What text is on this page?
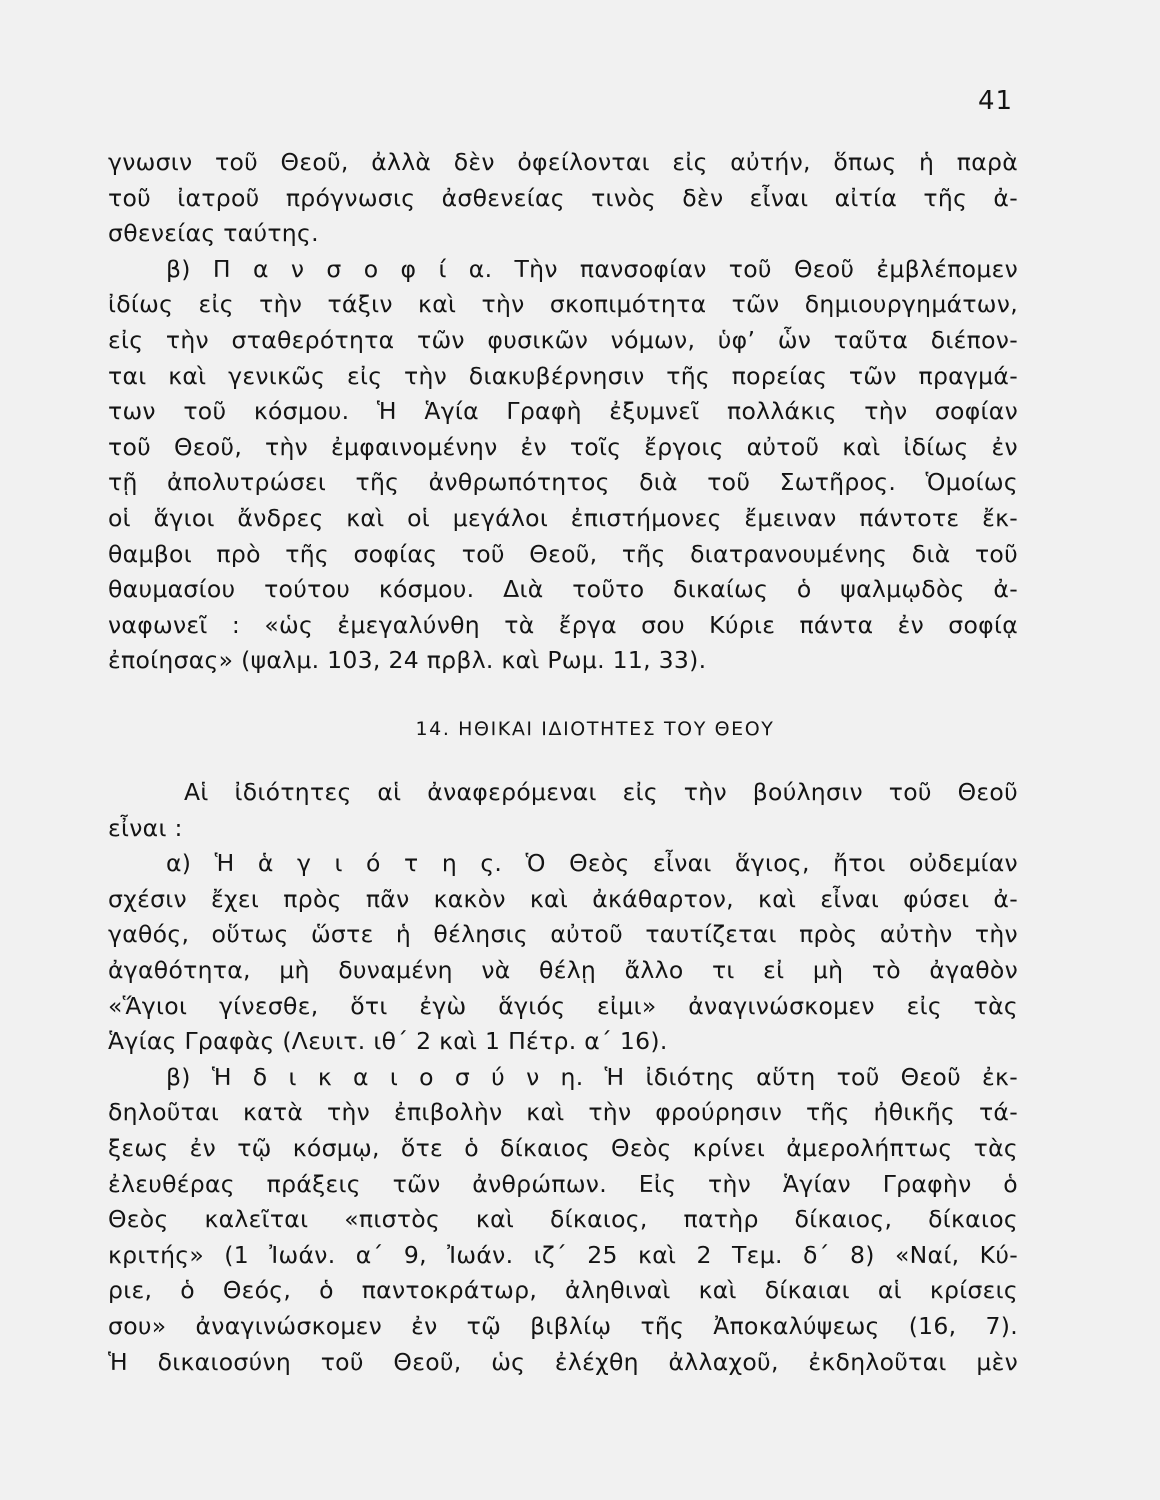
41
γνωσιν τοῦ Θεοῦ, ἀλλὰ δὲν ὀφείλονται εἰς αὐτήν, ὅπως ἡ παρὰ
τοῦ ἰατροῦ πρόγνωσις ἀσθενείας τινὸς δὲν εἶναι αἰτία τῆς ἀ-
σθενείας ταύτης.
β) Π α ν σ ο φ ί α. Τὴν πανσοφίαν τοῦ Θεοῦ ἐμβλέπομεν
ἰδίως εἰς τὴν τάξιν καὶ τὴν σκοπιμότητα τῶν δημιουργημάτων,
εἰς τὴν σταθερότητα τῶν φυσικῶν νόμων, ὑφ’ ὧν ταῦτα διέπον-
ται καὶ γενικῶς εἰς τὴν διακυβέρνησιν τῆς πορείας τῶν πραγμά-
των τοῦ κόσμου. Ἡ Ἁγία Γραφὴ ἐξυμνεῖ πολλάκις τὴν σοφίαν
τοῦ Θεοῦ, τὴν ἐμφαινομένην ἐν τοῖς ἔργοις αὐτοῦ καὶ ἰδίως ἐν
τῇ ἀπολυτρώσει τῆς ἀνθρωπότητος διὰ τοῦ Σωτῆρος. Ὁμοίως
οἱ ἅγιοι ἄνδρες καὶ οἱ μεγάλοι ἐπιστήμονες ἔμειναν πάντοτε ἔκ-
θαμβοι πρὸ τῆς σοφίας τοῦ Θεοῦ, τῆς διατρανουμένης διὰ τοῦ
θαυμασίου τούτου κόσμου. Διὰ τοῦτο δικαίως ὁ ψαλμῳδὸς ἀ-
ναφωνεῖ : «ὡς ἐμεγαλύνθη τὰ ἔργα σου Κύριε πάντα ἐν σοφίᾳ
ἐποίησας» (ψαλμ. 103, 24 πρβλ. καὶ Ρωμ. 11, 33).
14. ΗΘΙΚΑΙ ΙΔΙΟΤΗΤΕΣ ΤΟΥ ΘΕΟΥ
Αἱ ἰδιότητες αἱ ἀναφερόμεναι εἰς τὴν βούλησιν τοῦ Θεοῦ
εἶναι :
α) Ἡ ἁ γ ι ό τ η ς. Ὁ Θεὸς εἶναι ἅγιος, ἤτοι οὐδεμίαν
σχέσιν ἔχει πρὸς πᾶν κακὸν καὶ ἀκάθαρτον, καὶ εἶναι φύσει ἀ-
γαθός, οὕτως ὥστε ἡ θέλησις αὐτοῦ ταυτίζεται πρὸς αὐτὴν τὴν
ἀγαθότητα, μὴ δυναμένη νὰ θέλῃ ἄλλο τι εἰ μὴ τὸ ἀγαθὸν
«Ἅγιοι γίνεσθε, ὅτι ἐγὼ ἅγιός εἰμι» ἀναγινώσκομεν εἰς τὰς
Ἁγίας Γραφὰς (Λευιτ. ιθ΄ 2 καὶ 1 Πέτρ. α΄ 16).
β) Ἡ δ ι κ α ι ο σ ύ ν η. Ἡ ἰδιότης αὕτη τοῦ Θεοῦ ἐκ-
δηλοῦται κατὰ τὴν ἐπιβολὴν καὶ τὴν φρούρησιν τῆς ἠθικῆς τά-
ξεως ἐν τῷ κόσμῳ, ὅτε ὁ δίκαιος Θεὸς κρίνει ἀμερολήπτως τὰς
ἐλευθέρας πράξεις τῶν ἀνθρώπων. Εἰς τὴν Ἁγίαν Γραφὴν ὁ
Θεὸς καλεῖται «πιστὸς καὶ δίκαιος, πατὴρ δίκαιος, δίκαιος
κριτής» (1 Ἰωάν. α΄ 9, Ἰωάν. ιζ΄ 25 καὶ 2 Τεμ. δ΄ 8) «Ναί, Κύ-
ριε, ὁ Θεός, ὁ παντοκράτωρ, ἀληθιναὶ καὶ δίκαιαι αἱ κρίσεις
σου» ἀναγινώσκομεν ἐν τῷ βιβλίῳ τῆς Ἀποκαλύψεως (16, 7).
Ἡ δικαιοσύνη τοῦ Θεοῦ, ὡς ἐλέχθη ἀλλαχοῦ, ἐκδηλοῦται μὲν
